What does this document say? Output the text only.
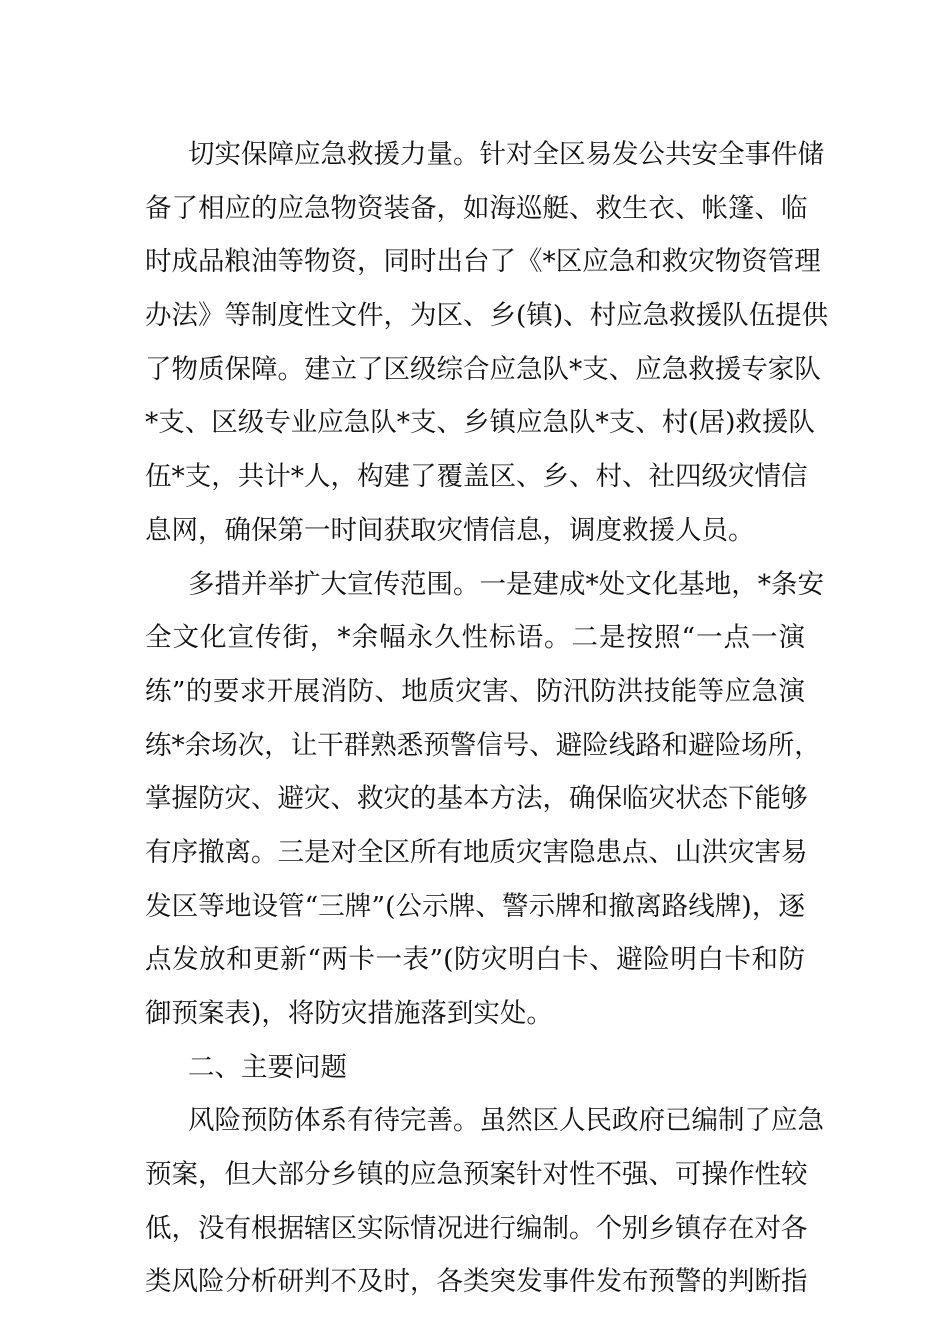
切实保障应急救援力量。针对全区易发公共安全事件储
备了相应的应急物资装备，如海巡艇、救生衣、帐篷、临
时成品粮油等物资，同时出台了《*区应急和救灾物资管理
办法》等制度性文件，为区、乡(镇)、村应急救援队伍提供
了物质保障。建立了区级综合应急队*支、应急救援专家队
*支、区级专业应急队*支、乡镇应急队*支、村(居)救援队
伍*支，共计*人，构建了覆盖区、乡、村、社四级灾情信
息网，确保第一时间获取灾情信息，调度救援人员。
多措并举扩大宣传范围。一是建成*处文化基地，*条安
全文化宣传街，*余幅永久性标语。二是按照“一点一演
练”的要求开展消防、地质灾害、防汛防洪技能等应急演
练*余场次，让干群熟悉预警信号、避险线路和避险场所，
掌握防灾、避灾、救灾的基本方法，确保临灾状态下能够
有序撤离。三是对全区所有地质灾害隐患点、山洪灾害易
发区等地设管“三牌”(公示牌、警示牌和撤离路线牌)，逐
点发放和更新“两卡一表”(防灾明白卡、避险明白卡和防
御预案表)，将防灾措施落到实处。
二、主要问题
风险预防体系有待完善。虽然区人民政府已编制了应急
预案，但大部分乡镇的应急预案针对性不强、可操作性较
低，没有根据辖区实际情况进行编制。个别乡镇存在对各
类风险分析研判不及时，各类突发事件发布预警的判断指
